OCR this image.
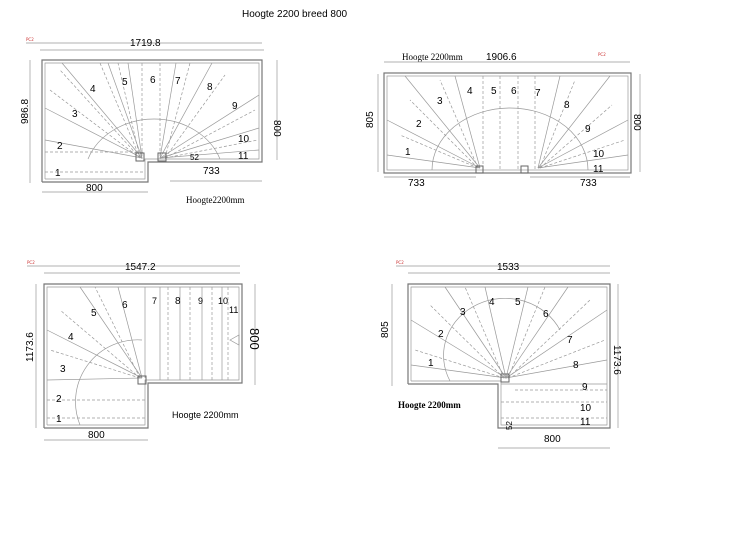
Hoogte 2200 breed 800
PC2	1719.8
986.8
800
1
2
3
4
5 6 7
8
9
10
11
52
800
733
Hoogte2200mm
Hoogte 2200mm 1906.6	PC2
805	800
1
2
3
4 5 6 7
8
9
10
11
733	733
PC2	1547.2
1173.6	800
1
2
3
4
5
6	7 8 9 10
11
800
Hoogte 2200mm
PC2	1533
805
1173.6
1
2
3
4 5
6
7
8
9
10
11
52
800
Hoogte 2200mm
